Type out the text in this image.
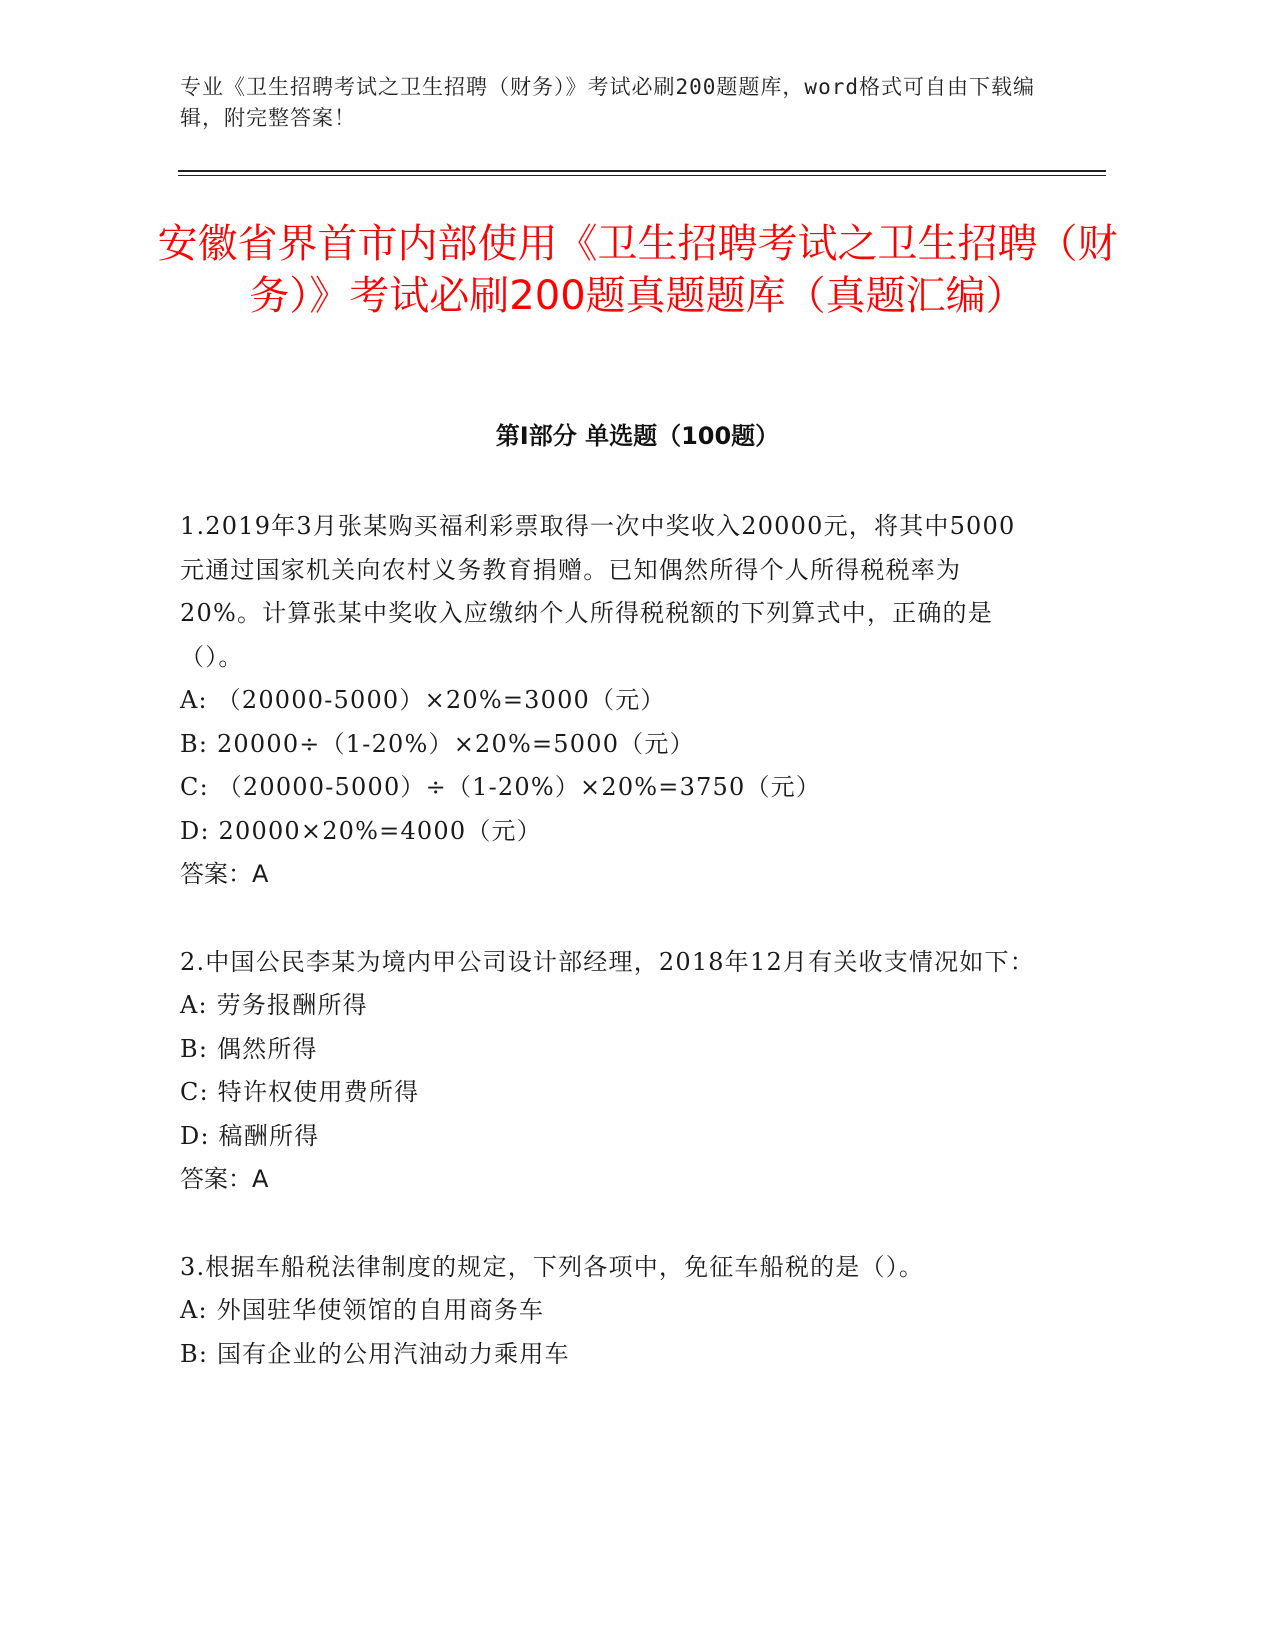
专业《卫生招聘考试之卫生招聘（财务）》考试必刷200题题库，word格式可自由下载编辑，附完整答案！
安徽省界首市内部使用《卫生招聘考试之卫生招聘（财务）》考试必刷200题真题题库（真题汇编）
第I部分 单选题（100题）

1.2019年3月张某购买福利彩票取得一次中奖收入20000元，将其中5000元通过国家机关向农村义务教育捐赠。已知偶然所得个人所得税税率为20%。计算张某中奖收入应缴纳个人所得税税额的下列算式中，正确的是（）。

A: （20000-5000）×20%=3000（元）

B: 20000÷（1-20%）×20%=5000（元）

C: （20000-5000）÷（1-20%）×20%=3750（元）

D: 20000×20%=4000（元）

答案：A

2.中国公民李某为境内甲公司设计部经理，2018年12月有关收支情况如下：

A: 劳务报酬所得

B: 偶然所得

C: 特许权使用费所得

D: 稿酬所得

答案：A

3.根据车船税法律制度的规定，下列各项中，免征车船税的是（）。

A: 外国驻华使领馆的自用商务车

B: 国有企业的公用汽油动力乘用车
